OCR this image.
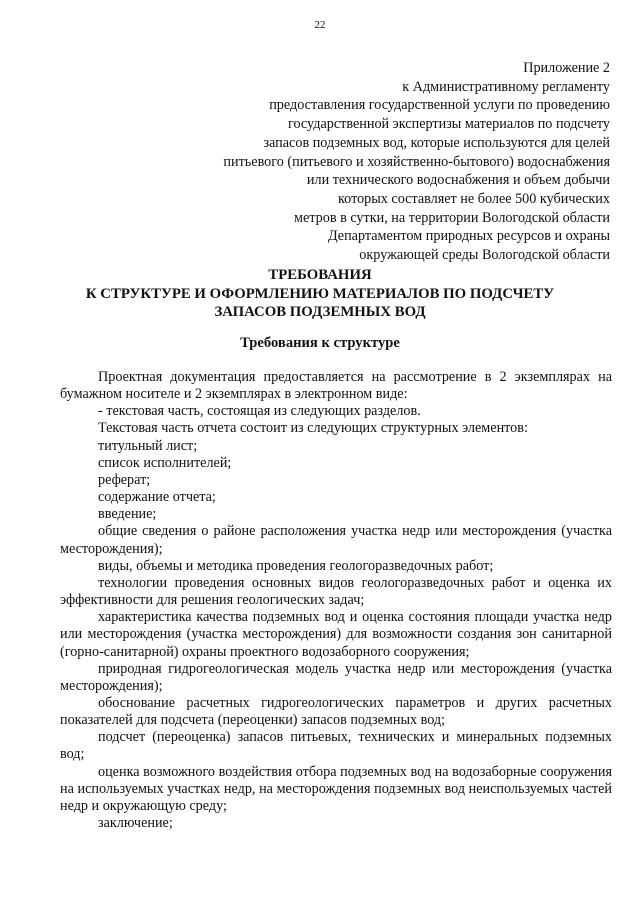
22
Приложение 2
к Административному регламенту
предоставления государственной услуги по проведению
государственной экспертизы материалов по подсчету
запасов подземных вод, которые используются для целей
питьевого (питьевого и хозяйственно-бытового) водоснабжения
или технического водоснабжения и объем добычи
которых составляет не более 500 кубических
метров в сутки, на территории Вологодской области
Департаментом природных ресурсов и охраны
окружающей среды Вологодской области
ТРЕБОВАНИЯ
К СТРУКТУРЕ И ОФОРМЛЕНИЮ МАТЕРИАЛОВ ПО ПОДСЧЕТУ
ЗАПАСОВ ПОДЗЕМНЫХ ВОД
Требования к структуре

Проектная документация предоставляется на рассмотрение в 2 экземплярах на бумажном носителе и 2 экземплярах в электронном виде:

- текстовая часть, состоящая из следующих разделов.

Текстовая часть отчета состоит из следующих структурных элементов:

титульный лист;

список исполнителей;

реферат;

содержание отчета;

введение;

общие сведения о районе расположения участка недр или месторождения (участка месторождения);

виды, объемы и методика проведения геологоразведочных работ;

технологии проведения основных видов геологоразведочных работ и оценка их эффективности для решения геологических задач;

характеристика качества подземных вод и оценка состояния площади участка недр или месторождения (участка месторождения) для возможности создания зон санитарной (горно-санитарной) охраны проектного водозаборного сооружения;

природная гидрогеологическая модель участка недр или месторождения (участка месторождения);

обоснование расчетных гидрогеологических параметров и других расчетных показателей для подсчета (переоценки) запасов подземных вод;

подсчет (переоценка) запасов питьевых, технических и минеральных подземных вод;

оценка возможного воздействия отбора подземных вод на водозаборные сооружения на используемых участках недр, на месторождения подземных вод неиспользуемых частей недр и окружающую среду;

заключение;
